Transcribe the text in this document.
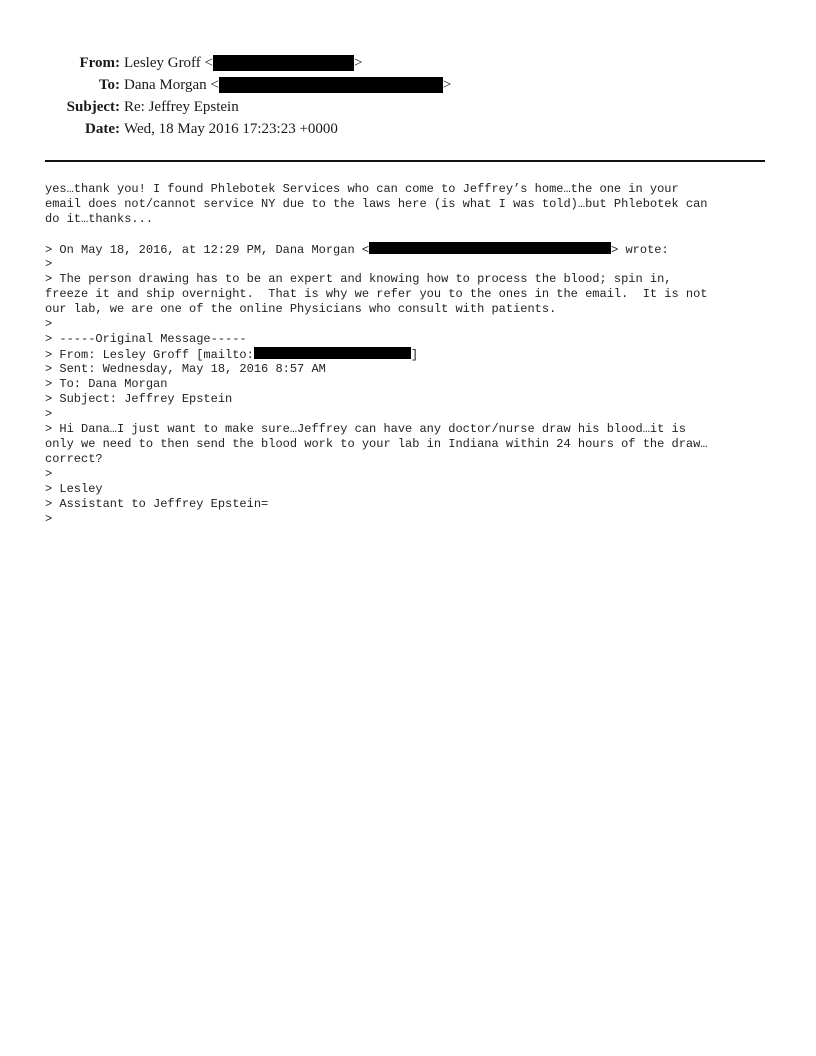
From: Lesley Groff <	>
To: Dana Morgan <	>
Subject: Re: Jeffrey Epstein
Date: Wed, 18 May 2016 17:23:23 +0000
yes…thank you! I found Phlebotek Services who can come to Jeffrey’s home…the one in your
email does not/cannot service NY due to the laws here (is what I was told)…but Phlebotek can
do it…thanks...
> On May 18, 2016, at 12:29 PM, Dana Morgan <	> wrote:
>
> The person drawing has to be an expert and knowing how to process the blood; spin in,
freeze it and ship overnight.  That is why we refer you to the ones in the email.  It is not
our lab, we are one of the online Physicians who consult with patients.
>
> -----Original Message-----
> From: Lesley Groff [mailto:	]
> Sent: Wednesday, May 18, 2016 8:57 AM
> To: Dana Morgan
> Subject: Jeffrey Epstein
>
> Hi Dana…I just want to make sure…Jeffrey can have any doctor/nurse draw his blood…it is
only we need to then send the blood work to your lab in Indiana within 24 hours of the draw…
correct?
>
> Lesley
> Assistant to Jeffrey Epstein=
>
